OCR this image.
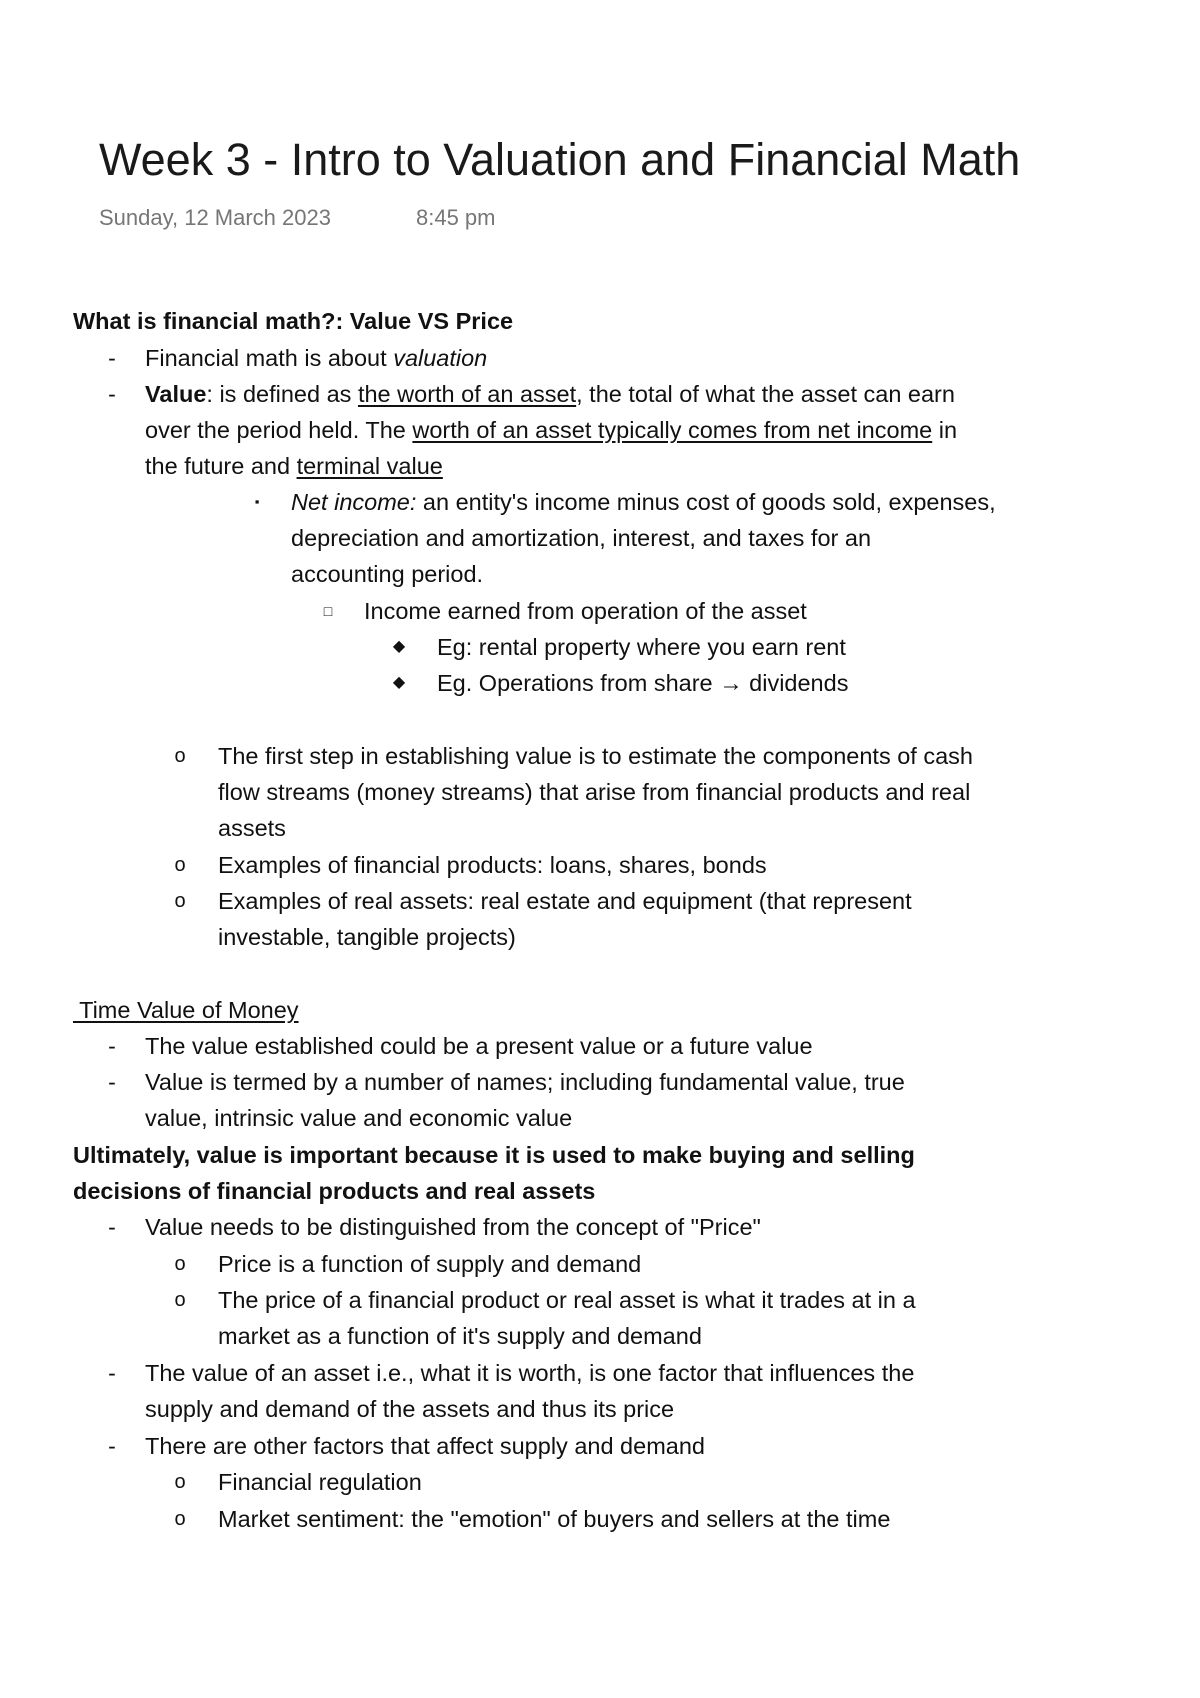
Week 3 - Intro to Valuation and Financial Math
Sunday, 12 March 2023	8:45 pm
What is financial math?: Value VS Price
- Financial math is about valuation
- Value: is defined as the worth of an asset, the total of what the asset can earn
over the period held. The worth of an asset typically comes from net income in
the future and terminal value
▪ Net income: an entity's income minus cost of goods sold, expenses,
depreciation and amortization, interest, and taxes for an
accounting period.
□ Income earned from operation of the asset
◆ Eg: rental property where you earn rent
◆ Eg. Operations from share → dividends
o The first step in establishing value is to estimate the components of cash
flow streams (money streams) that arise from financial products and real
assets
o Examples of financial products: loans, shares, bonds
o Examples of real assets: real estate and equipment (that represent
investable, tangible projects)
Time Value of Money
- The value established could be a present value or a future value
- Value is termed by a number of names; including fundamental value, true
value, intrinsic value and economic value
Ultimately, value is important because it is used to make buying and selling
decisions of financial products and real assets
- Value needs to be distinguished from the concept of "Price"
o Price is a function of supply and demand
o The price of a financial product or real asset is what it trades at in a
market as a function of it's supply and demand
- The value of an asset i.e., what it is worth, is one factor that influences the
supply and demand of the assets and thus its price
- There are other factors that affect supply and demand
o Financial regulation
o Market sentiment: the "emotion" of buyers and sellers at the time
